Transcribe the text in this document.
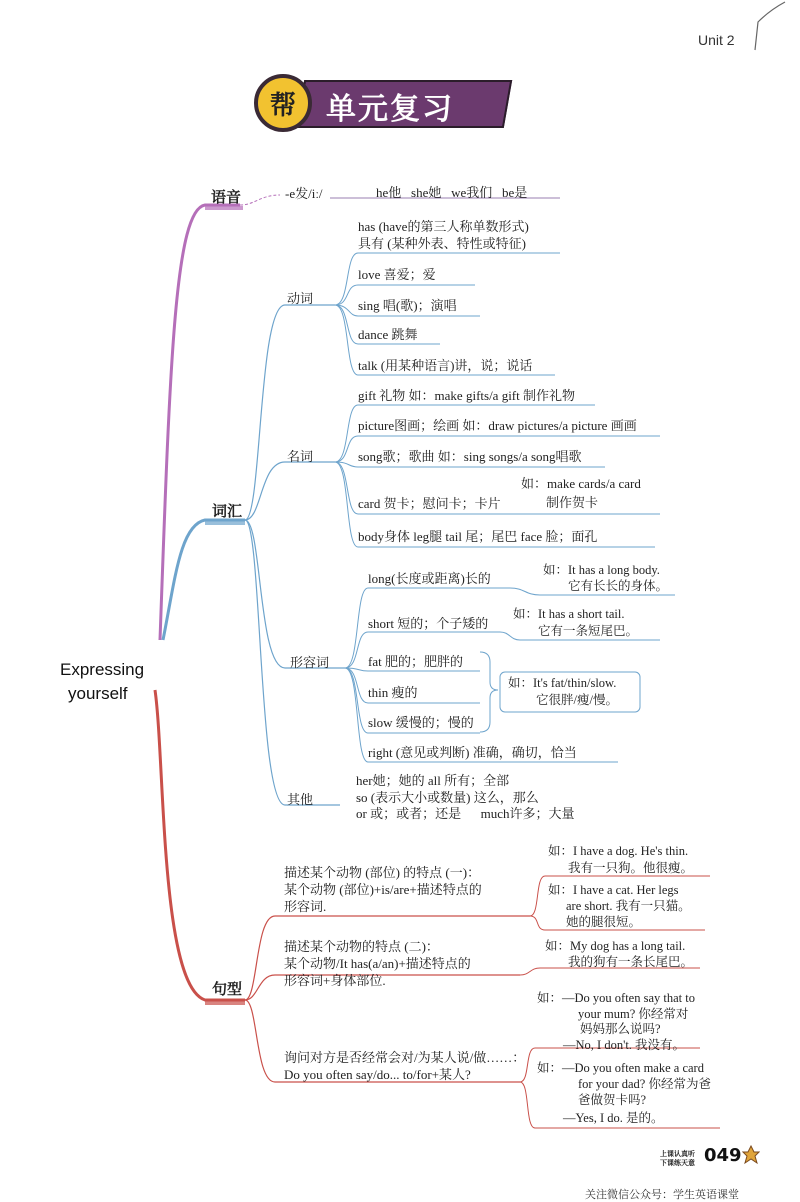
Unit 2
单元复习
帮
Expressing
yourself
语音	-e发/iː/	he他   she她   we我们   be是
词汇
动词
has (have的第三人称单数形式)
具有 (某种外表、特性或特征)
love 喜爱；爱
sing 唱(歌)；演唱
dance 跳舞
talk (用某种语言)讲，说；说话
名词
gift 礼物 如：make gifts/a gift 制作礼物
picture图画；绘画 如：draw pictures/a picture 画画
song歌；歌曲 如：sing songs/a song唱歌
如：make cards/a card
制作贺卡
card 贺卡；慰问卡；卡片
body身体 leg腿 tail 尾；尾巴 face 脸；面孔
形容词
long(长度或距离)长的
如：It has a long body.
它有长长的身体。
short 短的；个子矮的
如：It has a short tail.
它有一条短尾巴。
fat 肥的；肥胖的
thin 瘦的
slow 缓慢的；慢的
如：It's fat/thin/slow.
它很胖/瘦/慢。
right (意见或判断) 准确，确切，恰当
其他
her她；她的 all 所有；全部
so (表示大小或数量) 这么，那么
or 或；或者；还是      much许多；大量
句型
描述某个动物 (部位) 的特点 (一)：
某个动物 (部位)+is/are+描述特点的
形容词.
如：I have a dog. He's thin.
我有一只狗。他很瘦。
如：I have a cat. Her legs
are short. 我有一只猫。
她的腿很短。
描述某个动物的特点 (二)：
某个动物/It has(a/an)+描述特点的
形容词+身体部位.
如：My dog has a long tail.
我的狗有一条长尾巴。
询问对方是否经常会对/为某人说/做……：
Do you often say/do... to/for+某人?
如：—Do you often say that to
your mum? 你经常对
妈妈那么说吗?
—No, I don't. 我没有。
如：—Do you often make a card
for your dad? 你经常为爸
爸做贺卡吗?
—Yes, I do. 是的。
上课认真听
下课练天意 049
关注微信公众号：学生英语课堂
